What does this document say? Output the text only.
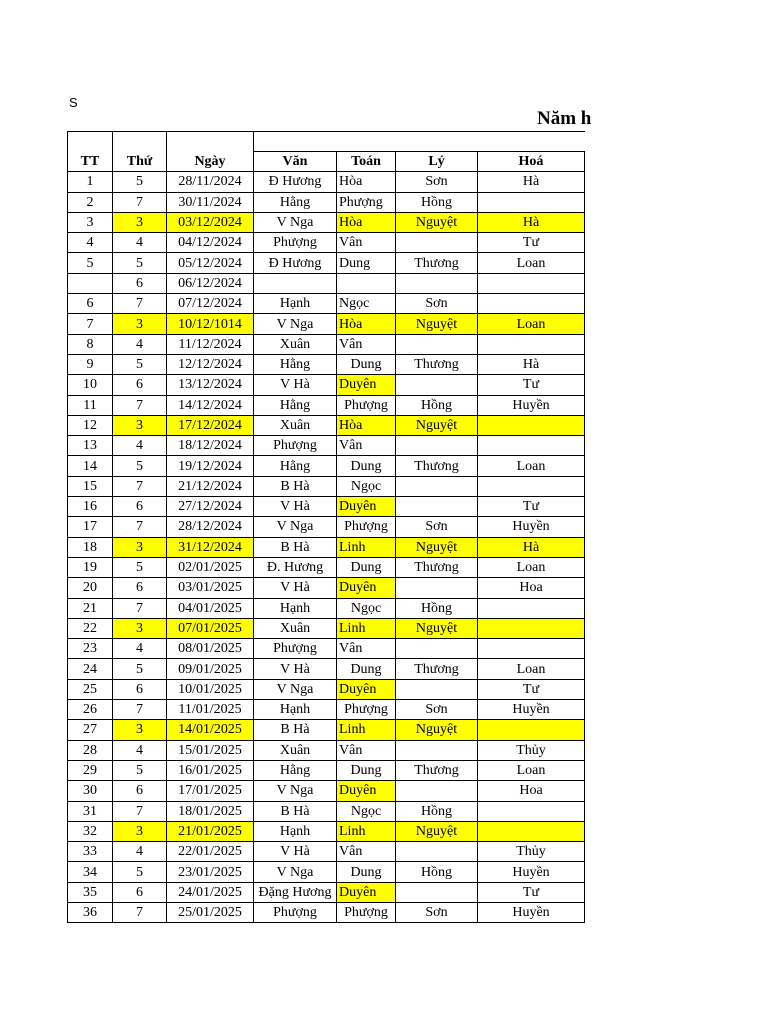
S
Năm h
TT	Thứ	Ngày					
			Văn	Toán	Lý	Hoá	
1	5	28/11/2024	Đ Hương	Hòa	Sơn	Hà	
2	7	30/11/2024	Hằng	Phượng	Hồng		
3	3	03/12/2024	V Nga	Hòa	Nguyệt	Hà	
4	4	04/12/2024	Phượng	Vân		Tư	
5	5	05/12/2024	Đ Hương	Dung	Thương	Loan	
	6	06/12/2024					
6	7	07/12/2024	Hạnh	Ngọc	Sơn		
7	3	10/12/1014	V Nga	Hòa	Nguyệt	Loan	
8	4	11/12/2024	Xuân	Vân			
9	5	12/12/2024	Hằng	Dung	Thương	Hà	
10	6	13/12/2024	V Hà	Duyên		Tư	
11	7	14/12/2024	Hằng	Phượng	Hồng	Huyền	
12	3	17/12/2024	Xuân	Hòa	Nguyệt		
13	4	18/12/2024	Phượng	Vân			
14	5	19/12/2024	Hằng	Dung	Thương	Loan	
15	7	21/12/2024	B Hà	Ngọc			
16	6	27/12/2024	V Hà	Duyên		Tư	
17	7	28/12/2024	V Nga	Phượng	Sơn	Huyền	
18	3	31/12/2024	B Hà	Linh	Nguyệt	Hà	
19	5	02/01/2025	Đ. Hương	Dung	Thương	Loan	
20	6	03/01/2025	V Hà	Duyên		Hoa	
21	7	04/01/2025	Hạnh	Ngọc	Hồng		
22	3	07/01/2025	Xuân	Linh	Nguyệt		
23	4	08/01/2025	Phượng	Vân			
24	5	09/01/2025	V Hà	Dung	Thương	Loan	
25	6	10/01/2025	V Nga	Duyên		Tư	
26	7	11/01/2025	Hạnh	Phượng	Sơn	Huyền	
27	3	14/01/2025	B Hà	Linh	Nguyệt		
28	4	15/01/2025	Xuân	Vân		Thủy	
29	5	16/01/2025	Hằng	Dung	Thương	Loan	
30	6	17/01/2025	V Nga	Duyên		Hoa	
31	7	18/01/2025	B Hà	Ngọc	Hồng		
32	3	21/01/2025	Hạnh	Linh	Nguyệt		
33	4	22/01/2025	V Hà	Vân		Thủy	
34	5	23/01/2025	V Nga	Dung	Hồng	Huyền	
35	6	24/01/2025	Đặng Hương	Duyên		Tư	
36	7	25/01/2025	Phượng	Phượng	Sơn	Huyền	
